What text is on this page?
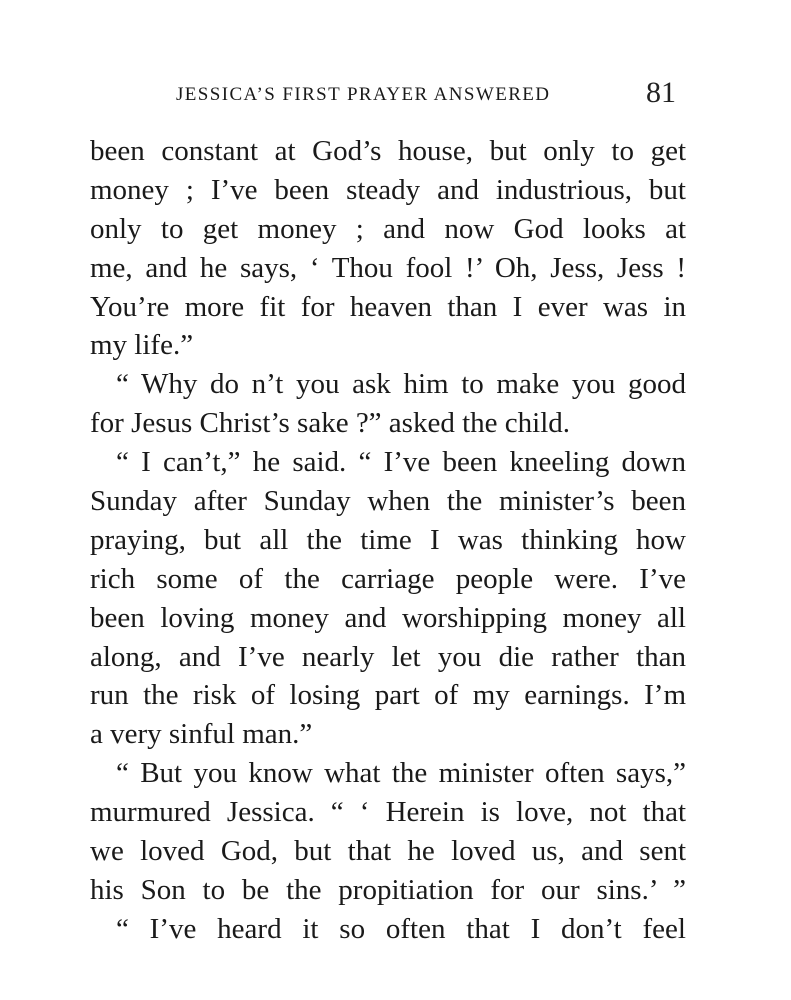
JESSICA’S FIRST PRAYER ANSWERED	81
been constant at God’s house, but only to get
money ; I’ve been steady and industrious, but
only to get money ; and now God looks at
me, and he says, ‘ Thou fool !’ Oh, Jess, Jess !
You’re more fit for heaven than I ever was in
my life.”
“ Why do n’t you ask him to make you good
for Jesus Christ’s sake ?” asked the child.
“ I can’t,” he said. “ I’ve been kneeling down
Sunday after Sunday when the minister’s been
praying, but all the time I was thinking how
rich some of the carriage people were. I’ve
been loving money and worshipping money all
along, and I’ve nearly let you die rather than
run the risk of losing part of my earnings. I’m
a very sinful man.”
“ But you know what the minister often says,”
murmured Jessica. “ ‘ Herein is love, not that
we loved God, but that he loved us, and sent
his Son to be the propitiation for our sins.’ ”
“ I’ve heard it so often that I don’t feel
